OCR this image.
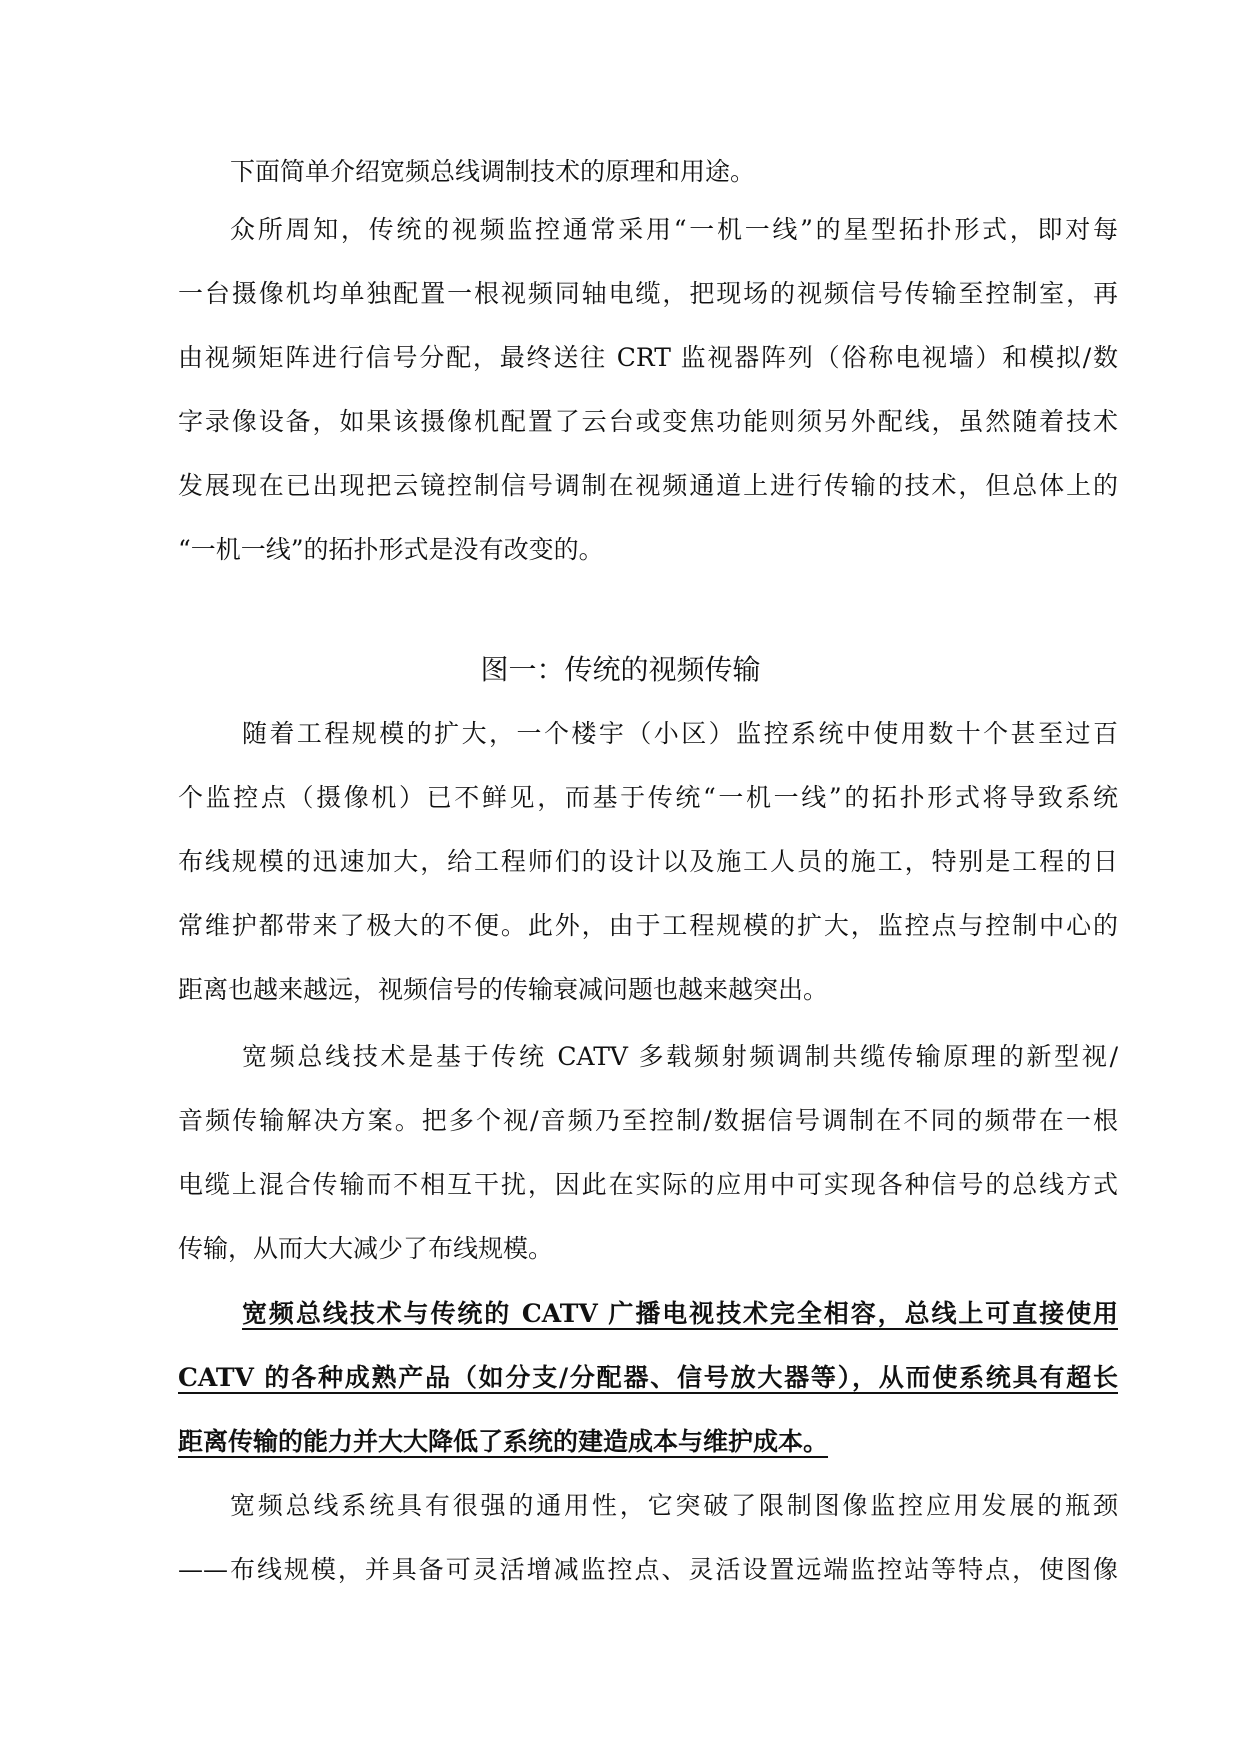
下面简单介绍宽频总线调制技术的原理和用途。
众所周知，传统的视频监控通常采用“一机一线”的星型拓扑形式，即对每
一台摄像机均单独配置一根视频同轴电缆，把现场的视频信号传输至控制室，再
由视频矩阵进行信号分配，最终送往 CRT 监视器阵列（俗称电视墙）和模拟/数
字录像设备，如果该摄像机配置了云台或变焦功能则须另外配线，虽然随着技术
发展现在已出现把云镜控制信号调制在视频通道上进行传输的技术，但总体上的
“一机一线”的拓扑形式是没有改变的。
图一：传统的视频传输
随着工程规模的扩大，一个楼宇（小区）监控系统中使用数十个甚至过百
个监控点（摄像机）已不鲜见，而基于传统“一机一线”的拓扑形式将导致系统
布线规模的迅速加大，给工程师们的设计以及施工人员的施工，特别是工程的日
常维护都带来了极大的不便。此外，由于工程规模的扩大，监控点与控制中心的
距离也越来越远，视频信号的传输衰减问题也越来越突出。
宽频总线技术是基于传统 CATV 多载频射频调制共缆传输原理的新型视/
音频传输解决方案。把多个视/音频乃至控制/数据信号调制在不同的频带在一根
电缆上混合传输而不相互干扰，因此在实际的应用中可实现各种信号的总线方式
传输，从而大大减少了布线规模。
宽频总线技术与传统的 CATV 广播电视技术完全相容，总线上可直接使用
CATV 的各种成熟产品（如分支/分配器、信号放大器等），从而使系统具有超长
距离传输的能力并大大降低了系统的建造成本与维护成本。
宽频总线系统具有很强的通用性，它突破了限制图像监控应用发展的瓶颈
——布线规模，并具备可灵活增减监控点、灵活设置远端监控站等特点，使图像
